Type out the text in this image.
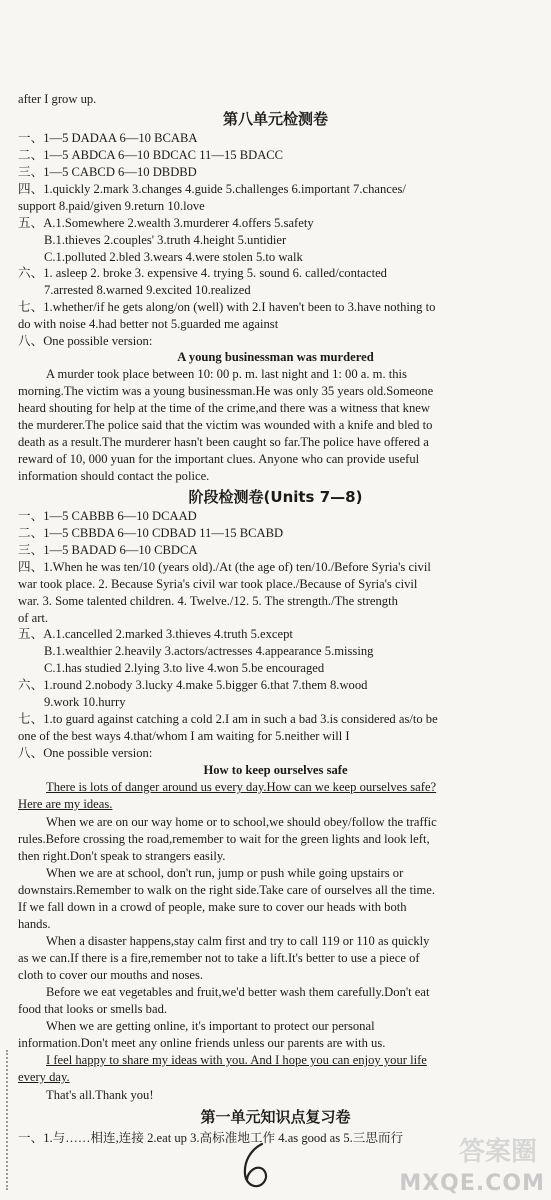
after I grow up.
第八单元检测卷
一、1—5 DADAA 6—10 BCABA
二、1—5 ABDCA 6—10 BDCAC 11—15 BDACC
三、1—5 CABCD 6—10 DBDBD
四、1.quickly 2.mark 3.changes 4.guide 5.challenges 6.important 7.chances/
support 8.paid/given 9.return 10.love
五、A.1.Somewhere 2.wealth 3.murderer 4.offers 5.safety
B.1.thieves 2.couples' 3.truth 4.height 5.untidier
C.1.polluted 2.bled 3.wears 4.were stolen 5.to walk
六、1. asleep 2. broke 3. expensive 4. trying 5. sound 6. called/contacted
7.arrested 8.warned 9.excited 10.realized
七、1.whether/if he gets along/on (well) with 2.I haven't been to 3.have nothing to
do with noise 4.had better not 5.guarded me against
八、One possible version:
A young businessman was murdered
A murder took place between 10: 00 p. m. last night and 1: 00 a. m. this
morning.The victim was a young businessman.He was only 35 years old.Someone
heard shouting for help at the time of the crime,and there was a witness that knew
the murderer.The police said that the victim was wounded with a knife and bled to
death as a result.The murderer hasn't been caught so far.The police have offered a
reward of 10, 000 yuan for the important clues. Anyone who can provide useful
information should contact the police.
阶段检测卷(Units 7—8)
一、1—5 CABBB 6—10 DCAAD
二、1—5 CBBDA 6—10 CDBAD 11—15 BCABD
三、1—5 BADAD 6—10 CBDCA
四、1.When he was ten/10 (years old)./At (the age of) ten/10./Before Syria's civil
war took place. 2. Because Syria's civil war took place./Because of Syria's civil
war. 3. Some talented children. 4. Twelve./12. 5. The strength./The strength
of art.
五、A.1.cancelled 2.marked 3.thieves 4.truth 5.except
B.1.wealthier 2.heavily 3.actors/actresses 4.appearance 5.missing
C.1.has studied 2.lying 3.to live 4.won 5.be encouraged
六、1.round 2.nobody 3.lucky 4.make 5.bigger 6.that 7.them 8.wood
9.work 10.hurry
七、1.to guard against catching a cold 2.I am in such a bad 3.is considered as/to be
one of the best ways 4.that/whom I am waiting for 5.neither will I
八、One possible version:
How to keep ourselves safe
There is lots of danger around us every day.How can we keep ourselves safe?
Here are my ideas.
When we are on our way home or to school,we should obey/follow the traffic
rules.Before crossing the road,remember to wait for the green lights and look left,
then right.Don't speak to strangers easily.
When we are at school, don't run, jump or push while going upstairs or
downstairs.Remember to walk on the right side.Take care of ourselves all the time.
If we fall down in a crowd of people, make sure to cover our heads with both
hands.
When a disaster happens,stay calm first and try to call 119 or 110 as quickly
as we can.If there is a fire,remember not to take a lift.It's better to use a piece of
cloth to cover our mouths and noses.
Before we eat vegetables and fruit,we'd better wash them carefully.Don't eat
food that looks or smells bad.
When we are getting online, it's important to protect our personal
information.Don't meet any online friends unless our parents are with us.
I feel happy to share my ideas with you. And I hope you can enjoy your life
every day.
That's all.Thank you!
第一单元知识点复习卷
一、1.与……相连,连接 2.eat up 3.高标准地工作 4.as good as 5.三思而行	答案圈
MXQE.COM
